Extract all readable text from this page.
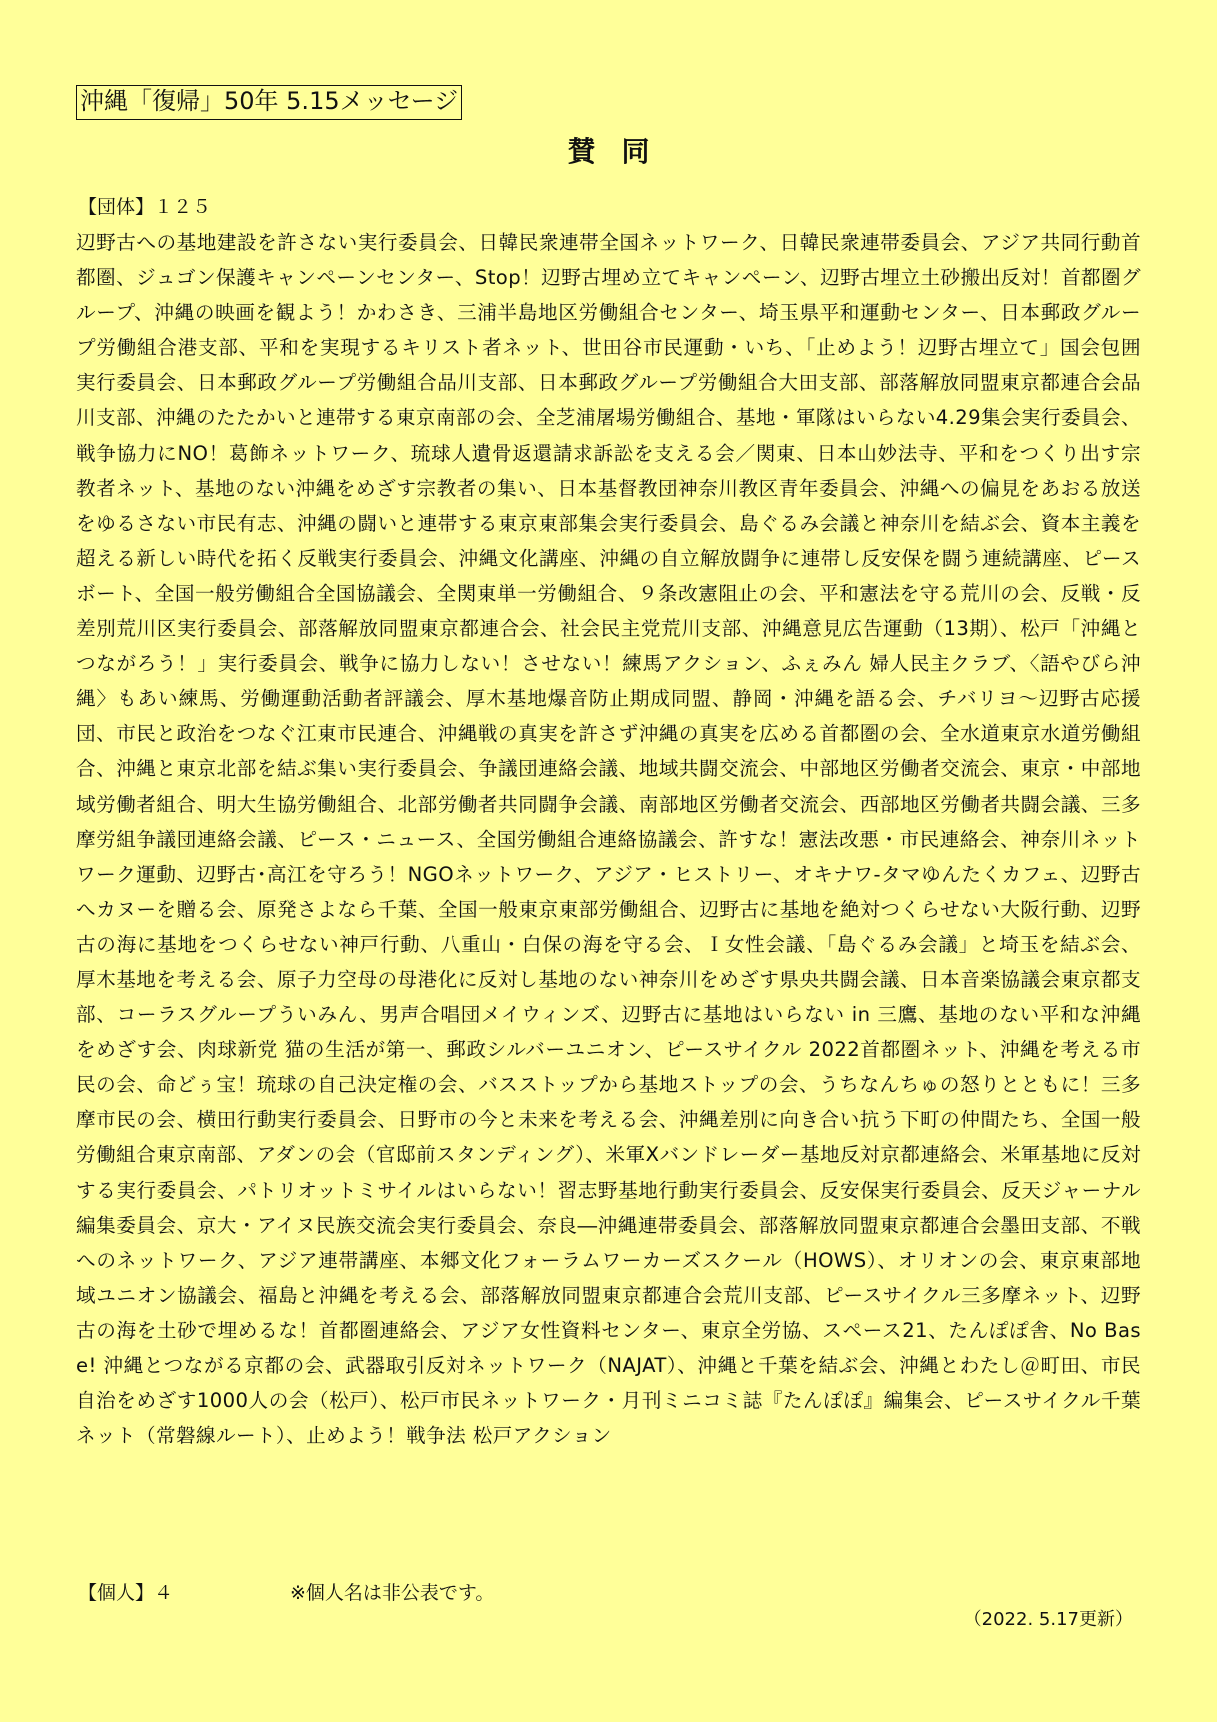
沖縄「復帰」50年 5.15メッセージ
賛同
【団体】１２５
辺野古への基地建設を許さない実行委員会、日韓民衆連帯全国ネットワーク、日韓民衆連帯委員会、アジア共同行動首都圏、ジュゴン保護キャンペーンセンター、Stop！辺野古埋め立てキャンペーン、辺野古埋立土砂搬出反対！首都圏グループ、沖縄の映画を観よう！かわさき、三浦半島地区労働組合センター、埼玉県平和運動センター、日本郵政グループ労働組合港支部、平和を実現するキリスト者ネット、世田谷市民運動・いち、「止めよう！辺野古埋立て」国会包囲実行委員会、日本郵政グループ労働組合品川支部、日本郵政グループ労働組合大田支部、部落解放同盟東京都連合会品川支部、沖縄のたたかいと連帯する東京南部の会、全芝浦屠場労働組合、基地・軍隊はいらない4.29集会実行委員会、戦争協力にNO！葛飾ネットワーク、琉球人遺骨返還請求訴訟を支える会／関東、日本山妙法寺、平和をつくり出す宗教者ネット、基地のない沖縄をめざす宗教者の集い、日本基督教団神奈川教区青年委員会、沖縄への偏見をあおる放送をゆるさない市民有志、沖縄の闘いと連帯する東京東部集会実行委員会、島ぐるみ会議と神奈川を結ぶ会、資本主義を超える新しい時代を拓く反戦実行委員会、沖縄文化講座、沖縄の自立解放闘争に連帯し反安保を闘う連続講座、ピースボート、全国一般労働組合全国協議会、全関東単一労働組合、９条改憲阻止の会、平和憲法を守る荒川の会、反戦・反差別荒川区実行委員会、部落解放同盟東京都連合会、社会民主党荒川支部、沖縄意見広告運動（13期）、松戸「沖縄とつながろう！」実行委員会、戦争に協力しない！させない！練馬アクション、ふぇみん 婦人民主クラブ、〈語やびら沖縄〉もあい練馬、労働運動活動者評議会、厚木基地爆音防止期成同盟、静岡・沖縄を語る会、チバリヨ～辺野古応援団、市民と政治をつなぐ江東市民連合、沖縄戦の真実を許さず沖縄の真実を広める首都圏の会、全水道東京水道労働組合、沖縄と東京北部を結ぶ集い実行委員会、争議団連絡会議、地域共闘交流会、中部地区労働者交流会、東京・中部地域労働者組合、明大生協労働組合、北部労働者共同闘争会議、南部地区労働者交流会、西部地区労働者共闘会議、三多摩労組争議団連絡会議、ピース・ニュース、全国労働組合連絡協議会、許すな！憲法改悪・市民連絡会、神奈川ネットワーク運動、辺野古･高江を守ろう！NGOネットワーク、アジア・ヒストリー、オキナワ-タマゆんたくカフェ、辺野古へカヌーを贈る会、原発さよなら千葉、全国一般東京東部労働組合、辺野古に基地を絶対つくらせない大阪行動、辺野古の海に基地をつくらせない神戸行動、八重山・白保の海を守る会、Ｉ女性会議、「島ぐるみ会議」と埼玉を結ぶ会、厚木基地を考える会、原子力空母の母港化に反対し基地のない神奈川をめざす県央共闘会議、日本音楽協議会東京都支部、コーラスグループういみん、男声合唱団メイウィンズ、辺野古に基地はいらない in 三鷹、基地のない平和な沖縄をめざす会、肉球新党 猫の生活が第一、郵政シルバーユニオン、ピースサイクル 2022首都圏ネット、沖縄を考える市民の会、命どぅ宝！琉球の自己決定権の会、バスストップから基地ストップの会、うちなんちゅの怒りとともに！三多摩市民の会、横田行動実行委員会、日野市の今と未来を考える会、沖縄差別に向き合い抗う下町の仲間たち、全国一般労働組合東京南部、アダンの会（官邸前スタンディング）、米軍Xバンドレーダー基地反対京都連絡会、米軍基地に反対する実行委員会、パトリオットミサイルはいらない！習志野基地行動実行委員会、反安保実行委員会、反天ジャーナル編集委員会、京大・アイヌ民族交流会実行委員会、奈良―沖縄連帯委員会、部落解放同盟東京都連合会墨田支部、不戦へのネットワーク、アジア連帯講座、本郷文化フォーラムワーカーズスクール（HOWS）、オリオンの会、東京東部地域ユニオン協議会、福島と沖縄を考える会、部落解放同盟東京都連合会荒川支部、ピースサイクル三多摩ネット、辺野古の海を土砂で埋めるな！首都圏連絡会、アジア女性資料センター、東京全労協、スペース21、たんぽぽ舎、No Base! 沖縄とつながる京都の会、武器取引反対ネットワーク（NAJAT）、沖縄と千葉を結ぶ会、沖縄とわたし＠町田、市民自治をめざす1000人の会（松戸）、松戸市民ネットワーク・月刊ミニコミ誌『たんぽぽ』編集会、ピースサイクル千葉ネット（常磐線ルート）、止めよう！戦争法 松戸アクション
【個人】４	※個人名は非公表です。
（2022. 5.17更新）
